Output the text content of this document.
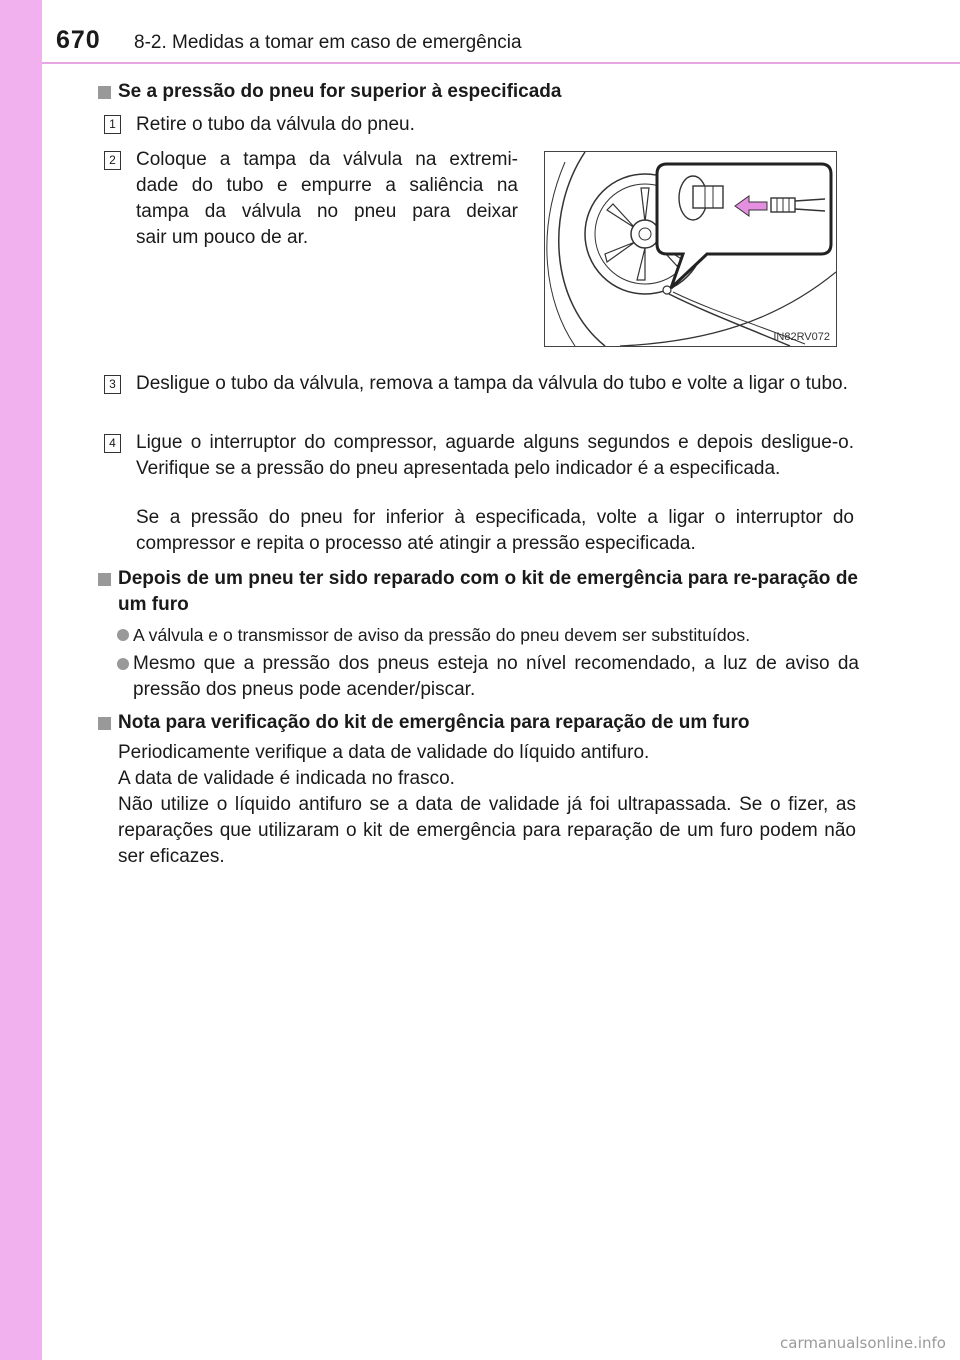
670 8-2. Medidas a tomar em caso de emergência
Se a pressão do pneu for superior à especificada
1 Retire o tubo da válvula do pneu.
2 Coloque a tampa da válvula na extremi-
dade do tubo e empurre a saliência na
tampa da válvula no pneu para deixar
sair um pouco de ar.
IN82RV072
3 Desligue o tubo da válvula, remova a tampa da válvula do tubo e volte a ligar o tubo.
4 Ligue o interruptor do compressor, aguarde alguns segundos e depois desligue-o. Verifique se a pressão do pneu apresentada pelo indicador é a especificada.
Se a pressão do pneu for inferior à especificada, volte a ligar o interruptor do compressor e repita o processo até atingir a pressão especificada.
Depois de um pneu ter sido reparado com o kit de emergência para re-paração de um furo
A válvula e o transmissor de aviso da pressão do pneu devem ser substituídos.
Mesmo que a pressão dos pneus esteja no nível recomendado, a luz de aviso da pressão dos pneus pode acender/piscar.
Nota para verificação do kit de emergência para reparação de um furo
Periodicamente verifique a data de validade do líquido antifuro.
A data de validade é indicada no frasco.
Não utilize o líquido antifuro se a data de validade já foi ultrapassada. Se o fizer, as reparações que utilizaram o kit de emergência para reparação de um furo podem não ser eficazes.
carmanualsonline.info
